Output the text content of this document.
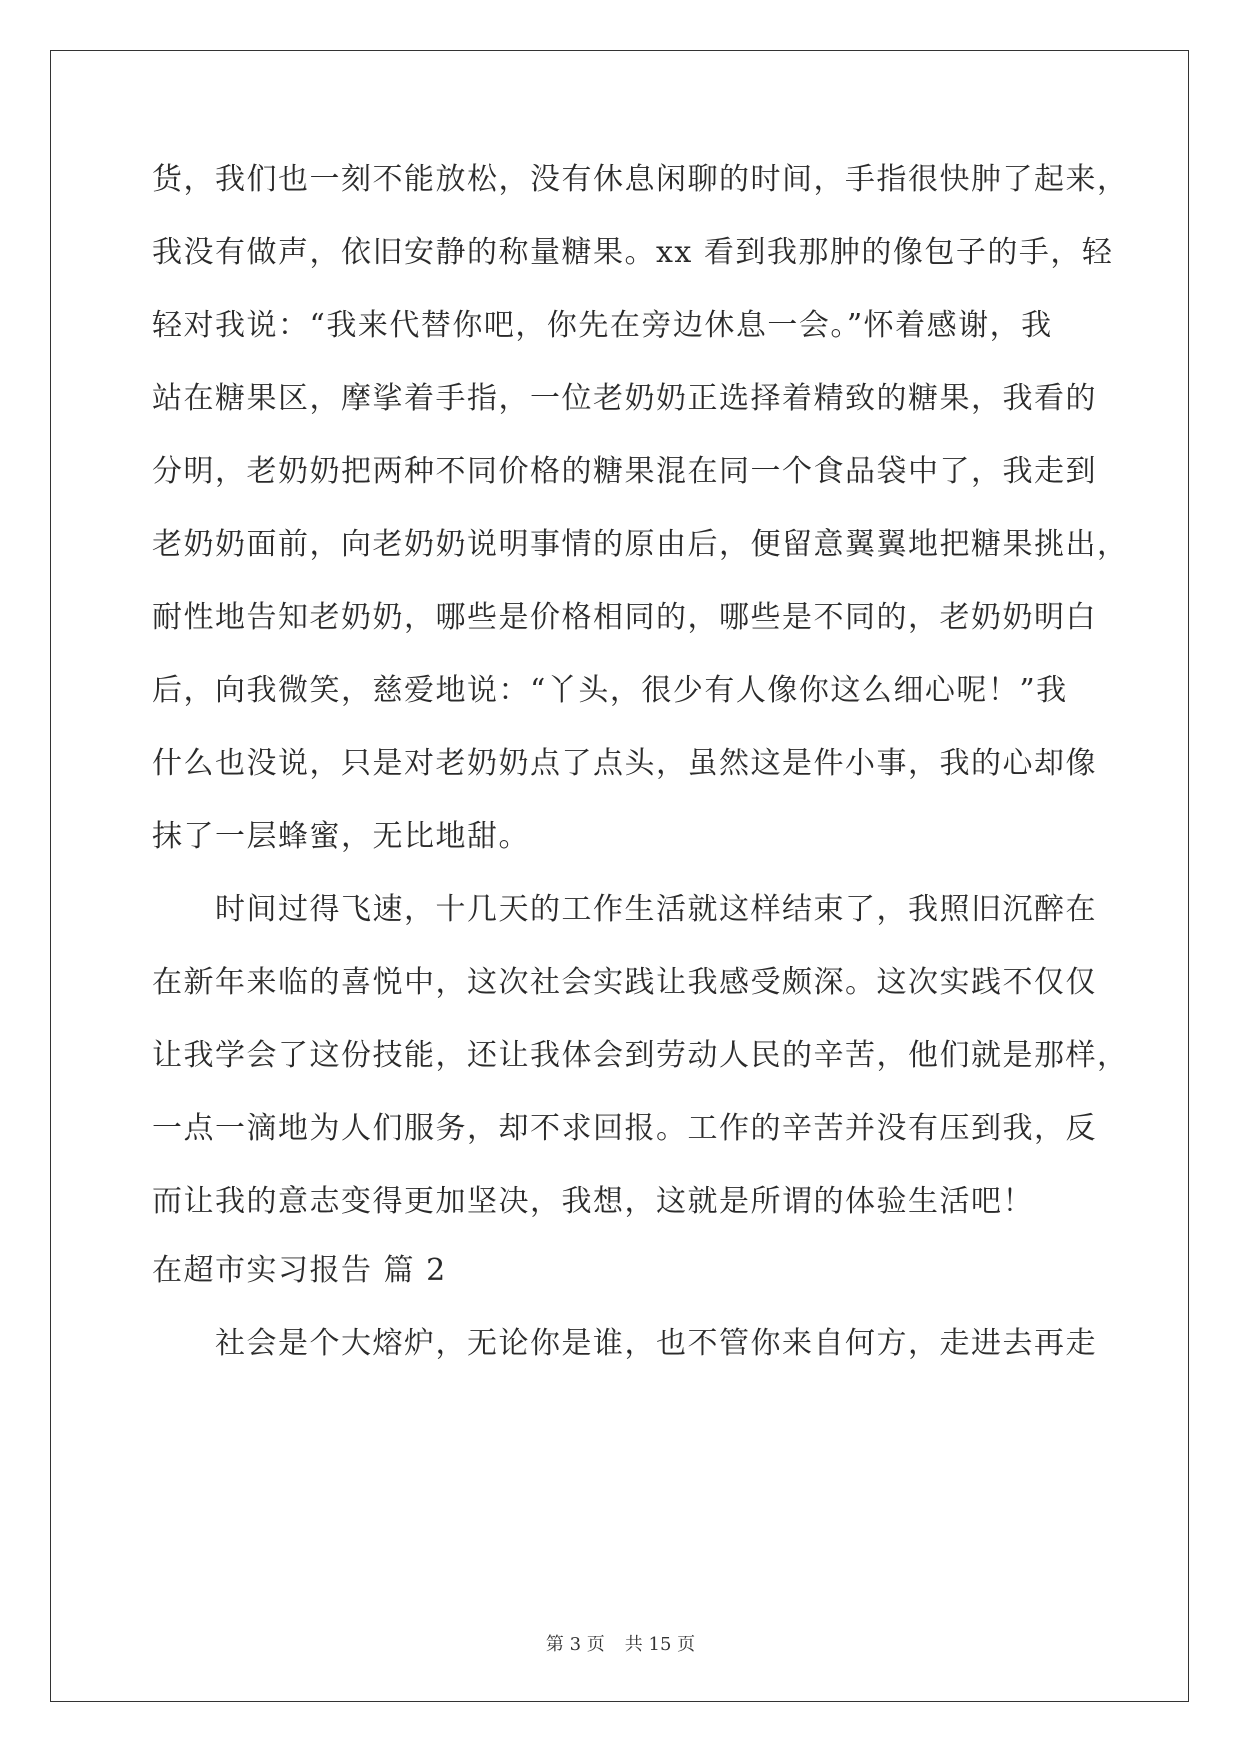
货，我们也一刻不能放松，没有休息闲聊的时间，手指很快肿了起来，
我没有做声，依旧安静的称量糖果。xx 看到我那肿的像包子的手，轻
轻对我说：“我来代替你吧，你先在旁边休息一会。”怀着感谢，我
站在糖果区，摩挲着手指，一位老奶奶正选择着精致的糖果，我看的
分明，老奶奶把两种不同价格的糖果混在同一个食品袋中了，我走到
老奶奶面前，向老奶奶说明事情的原由后，便留意翼翼地把糖果挑出，
耐性地告知老奶奶，哪些是价格相同的，哪些是不同的，老奶奶明白
后，向我微笑，慈爱地说：“丫头，很少有人像你这么细心呢！”我
什么也没说，只是对老奶奶点了点头，虽然这是件小事，我的心却像
抹了一层蜂蜜，无比地甜。
时间过得飞速，十几天的工作生活就这样结束了，我照旧沉醉在
在新年来临的喜悦中，这次社会实践让我感受颇深。这次实践不仅仅
让我学会了这份技能，还让我体会到劳动人民的辛苦，他们就是那样，
一点一滴地为人们服务，却不求回报。工作的辛苦并没有压到我，反
而让我的意志变得更加坚决，我想，这就是所谓的体验生活吧！
在超市实习报告 篇 2
社会是个大熔炉，无论你是谁，也不管你来自何方，走进去再走
第 3 页 共 15 页
